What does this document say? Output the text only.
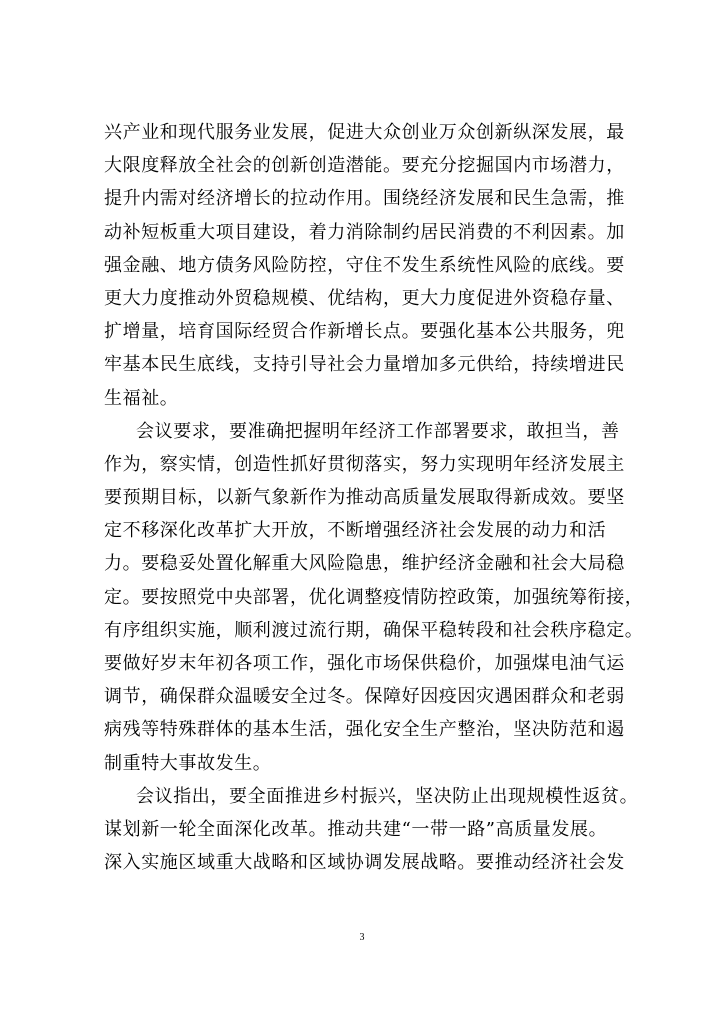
兴产业和现代服务业发展，促进大众创业万众创新纵深发展，最
大限度释放全社会的创新创造潜能。要充分挖掘国内市场潜力，
提升内需对经济增长的拉动作用。围绕经济发展和民生急需，推
动补短板重大项目建设，着力消除制约居民消费的不利因素。加
强金融、地方债务风险防控，守住不发生系统性风险的底线。要
更大力度推动外贸稳规模、优结构，更大力度促进外资稳存量、
扩增量，培育国际经贸合作新增长点。要强化基本公共服务，兜
牢基本民生底线，支持引导社会力量增加多元供给，持续增进民
生福祉。
会议要求，要准确把握明年经济工作部署要求，敢担当，善
作为，察实情，创造性抓好贯彻落实，努力实现明年经济发展主
要预期目标，以新气象新作为推动高质量发展取得新成效。要坚
定不移深化改革扩大开放，不断增强经济社会发展的动力和活
力。要稳妥处置化解重大风险隐患，维护经济金融和社会大局稳
定。要按照党中央部署，优化调整疫情防控政策，加强统筹衔接，
有序组织实施，顺利渡过流行期，确保平稳转段和社会秩序稳定。
要做好岁末年初各项工作，强化市场保供稳价，加强煤电油气运
调节，确保群众温暖安全过冬。保障好因疫因灾遇困群众和老弱
病残等特殊群体的基本生活，强化安全生产整治，坚决防范和遏
制重特大事故发生。
会议指出，要全面推进乡村振兴，坚决防止出现规模性返贫。
谋划新一轮全面深化改革。推动共建“一带一路”高质量发展。
深入实施区域重大战略和区域协调发展战略。要推动经济社会发
3
